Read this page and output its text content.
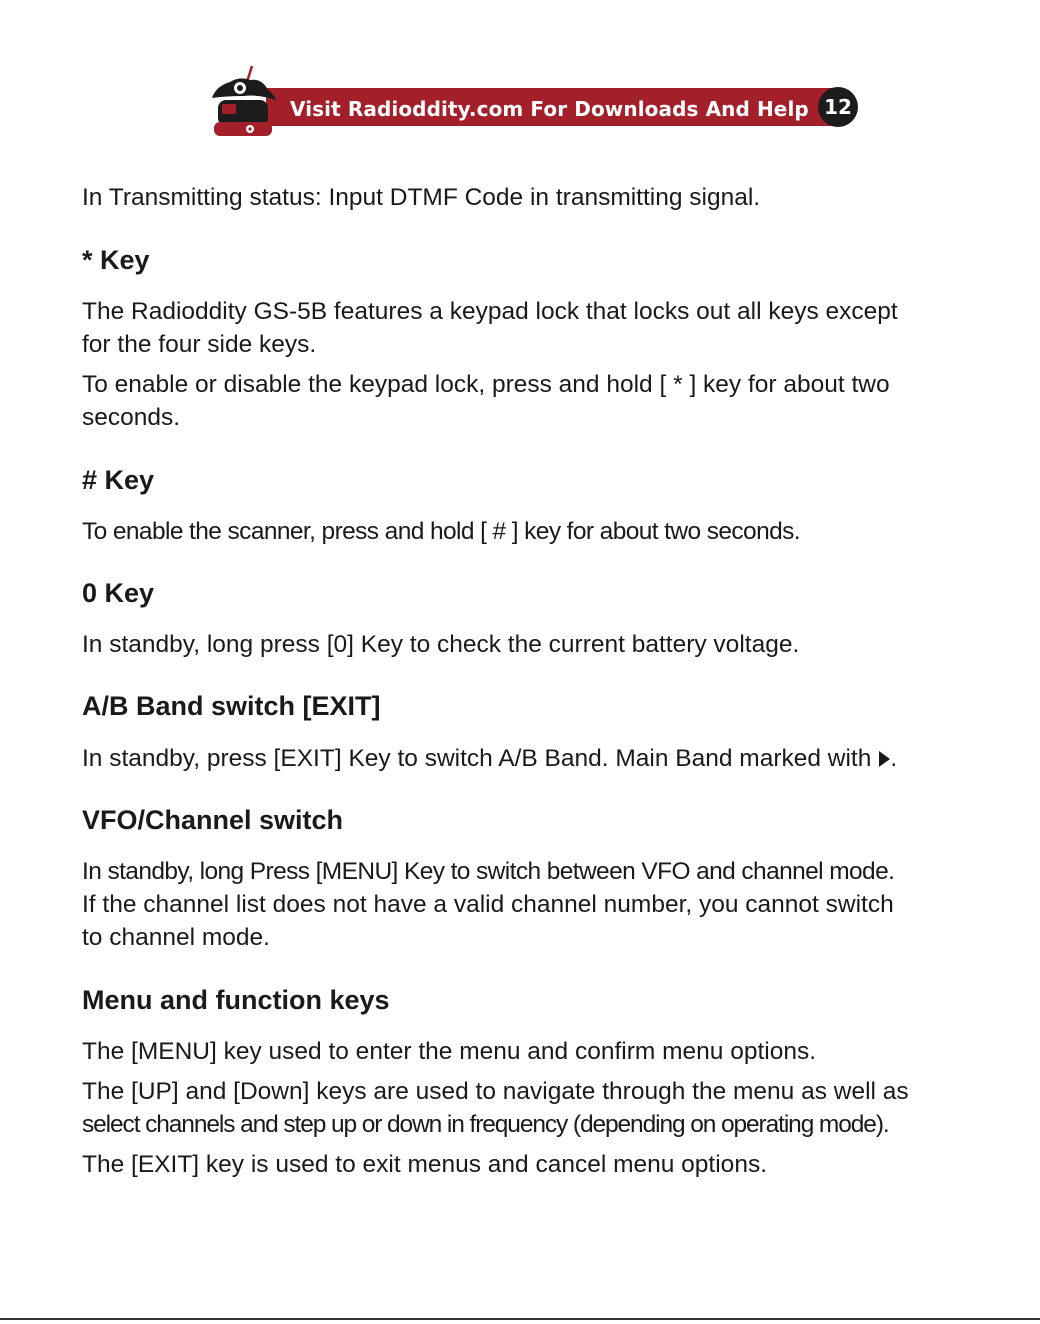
Visit Radioddity.com For Downloads And Help 12
In Transmitting status: Input DTMF Code in transmitting signal.
* Key
The Radioddity GS-5B features a keypad lock that locks out all keys except
for the four side keys.
To enable or disable the keypad lock, press and hold [ * ] key for about two
seconds.
# Key
To enable the scanner, press and hold [ # ] key for about two seconds.
0 Key
In standby, long press [0] Key to check the current battery voltage.
A/B Band switch [EXIT]
In standby, press [EXIT] Key to switch A/B Band. Main Band marked with .
VFO/Channel switch
In standby, long Press [MENU] Key to switch between VFO and channel mode.
If the channel list does not have a valid channel number, you cannot switch
to channel mode.
Menu and function keys
The [MENU] key used to enter the menu and confirm menu options.
The [UP] and [Down] keys are used to navigate through the menu as well as
select channels and step up or down in frequency (depending on operating mode).
The [EXIT] key is used to exit menus and cancel menu options.
